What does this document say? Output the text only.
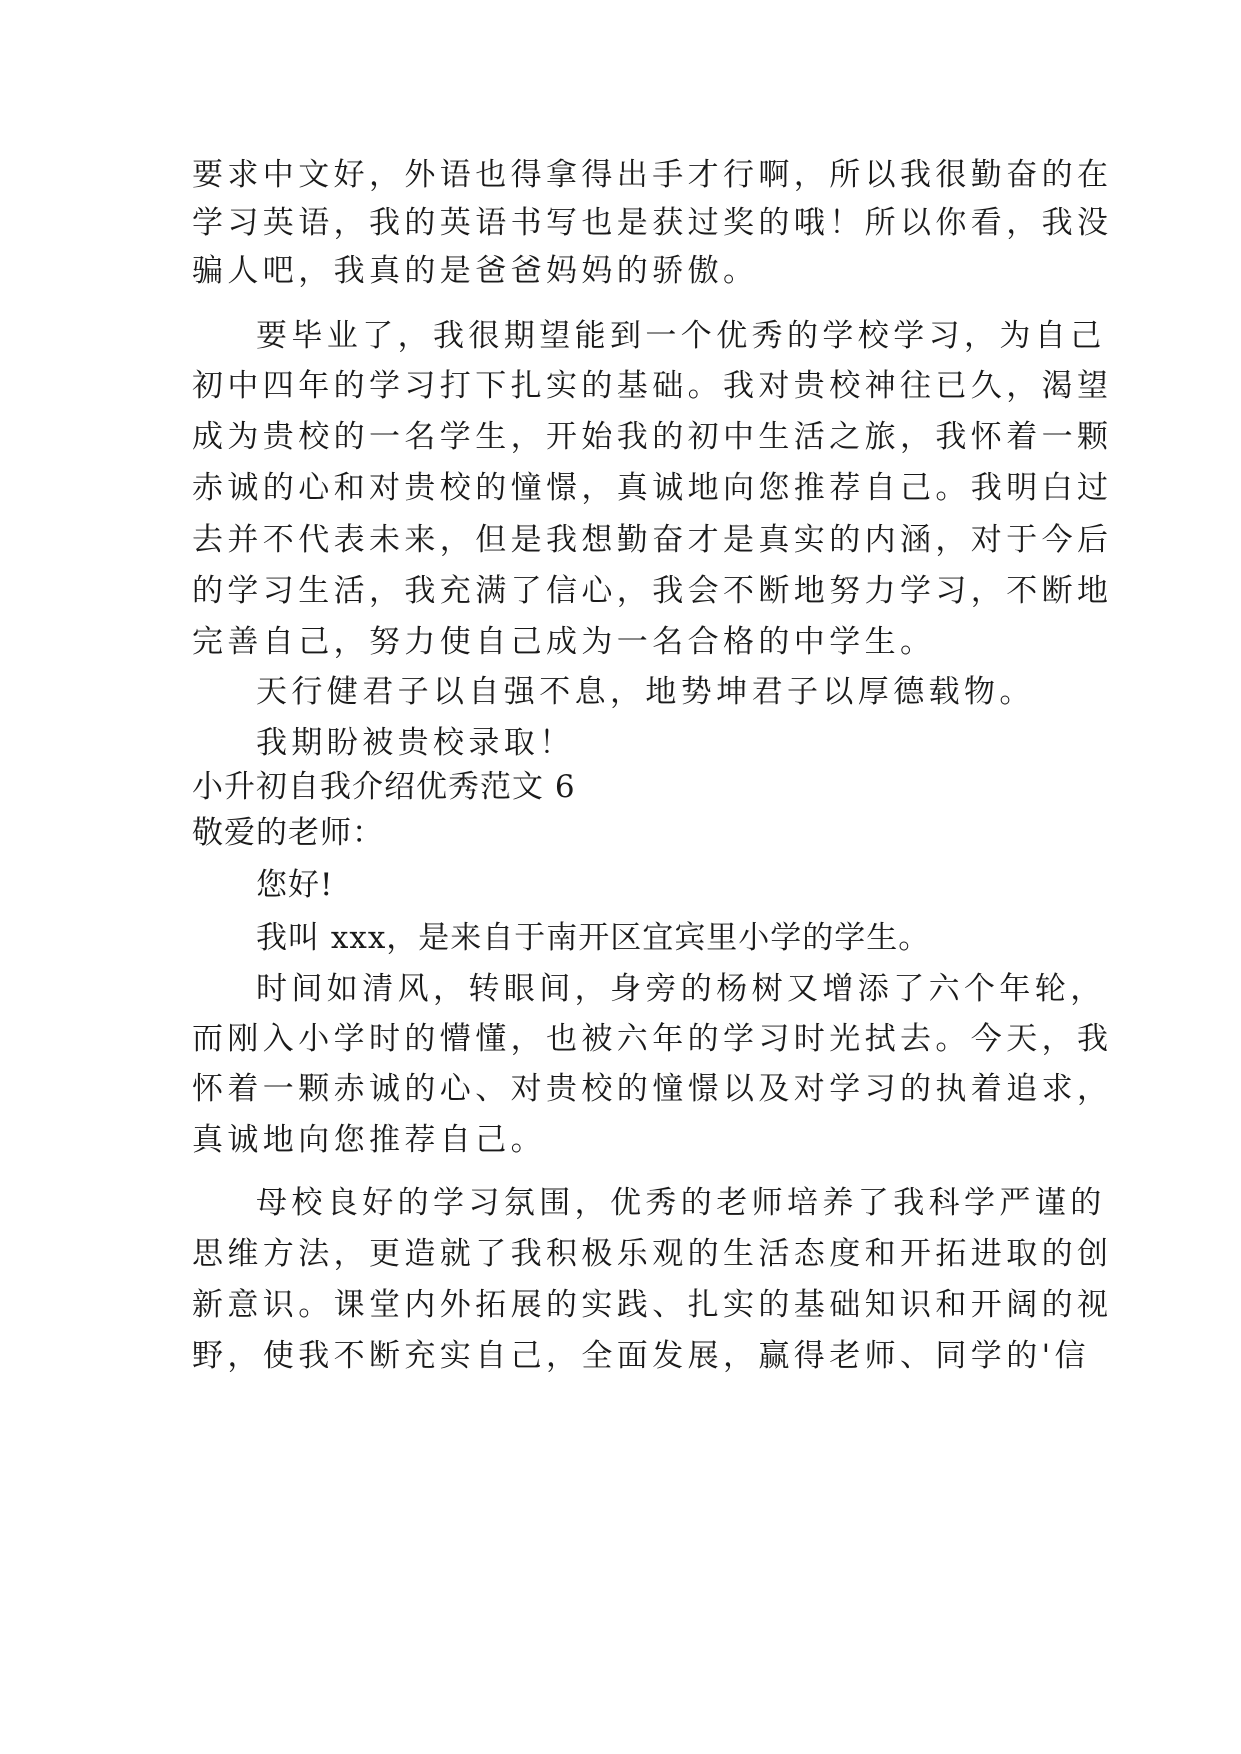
要求中文好，外语也得拿得出手才行啊，所以我很勤奋的在
学习英语，我的英语书写也是获过奖的哦！所以你看，我没
骗人吧，我真的是爸爸妈妈的骄傲。
要毕业了，我很期望能到一个优秀的学校学习，为自己
初中四年的学习打下扎实的基础。我对贵校神往已久，渴望
成为贵校的一名学生，开始我的初中生活之旅，我怀着一颗
赤诚的心和对贵校的憧憬，真诚地向您推荐自己。我明白过
去并不代表未来，但是我想勤奋才是真实的内涵，对于今后
的学习生活，我充满了信心，我会不断地努力学习，不断地
完善自己，努力使自己成为一名合格的中学生。
天行健君子以自强不息，地势坤君子以厚德载物。
我期盼被贵校录取！
小升初自我介绍优秀范文 6
敬爱的老师：
您好!
我叫 xxx，是来自于南开区宜宾里小学的学生。
时间如清风，转眼间，身旁的杨树又增添了六个年轮，
而刚入小学时的懵懂，也被六年的学习时光拭去。今天，我
怀着一颗赤诚的心、对贵校的憧憬以及对学习的执着追求，
真诚地向您推荐自己。
母校良好的学习氛围，优秀的老师培养了我科学严谨的
思维方法，更造就了我积极乐观的生活态度和开拓进取的创
新意识。课堂内外拓展的实践、扎实的基础知识和开阔的视
野，使我不断充实自己，全面发展，赢得老师、同学的'信
